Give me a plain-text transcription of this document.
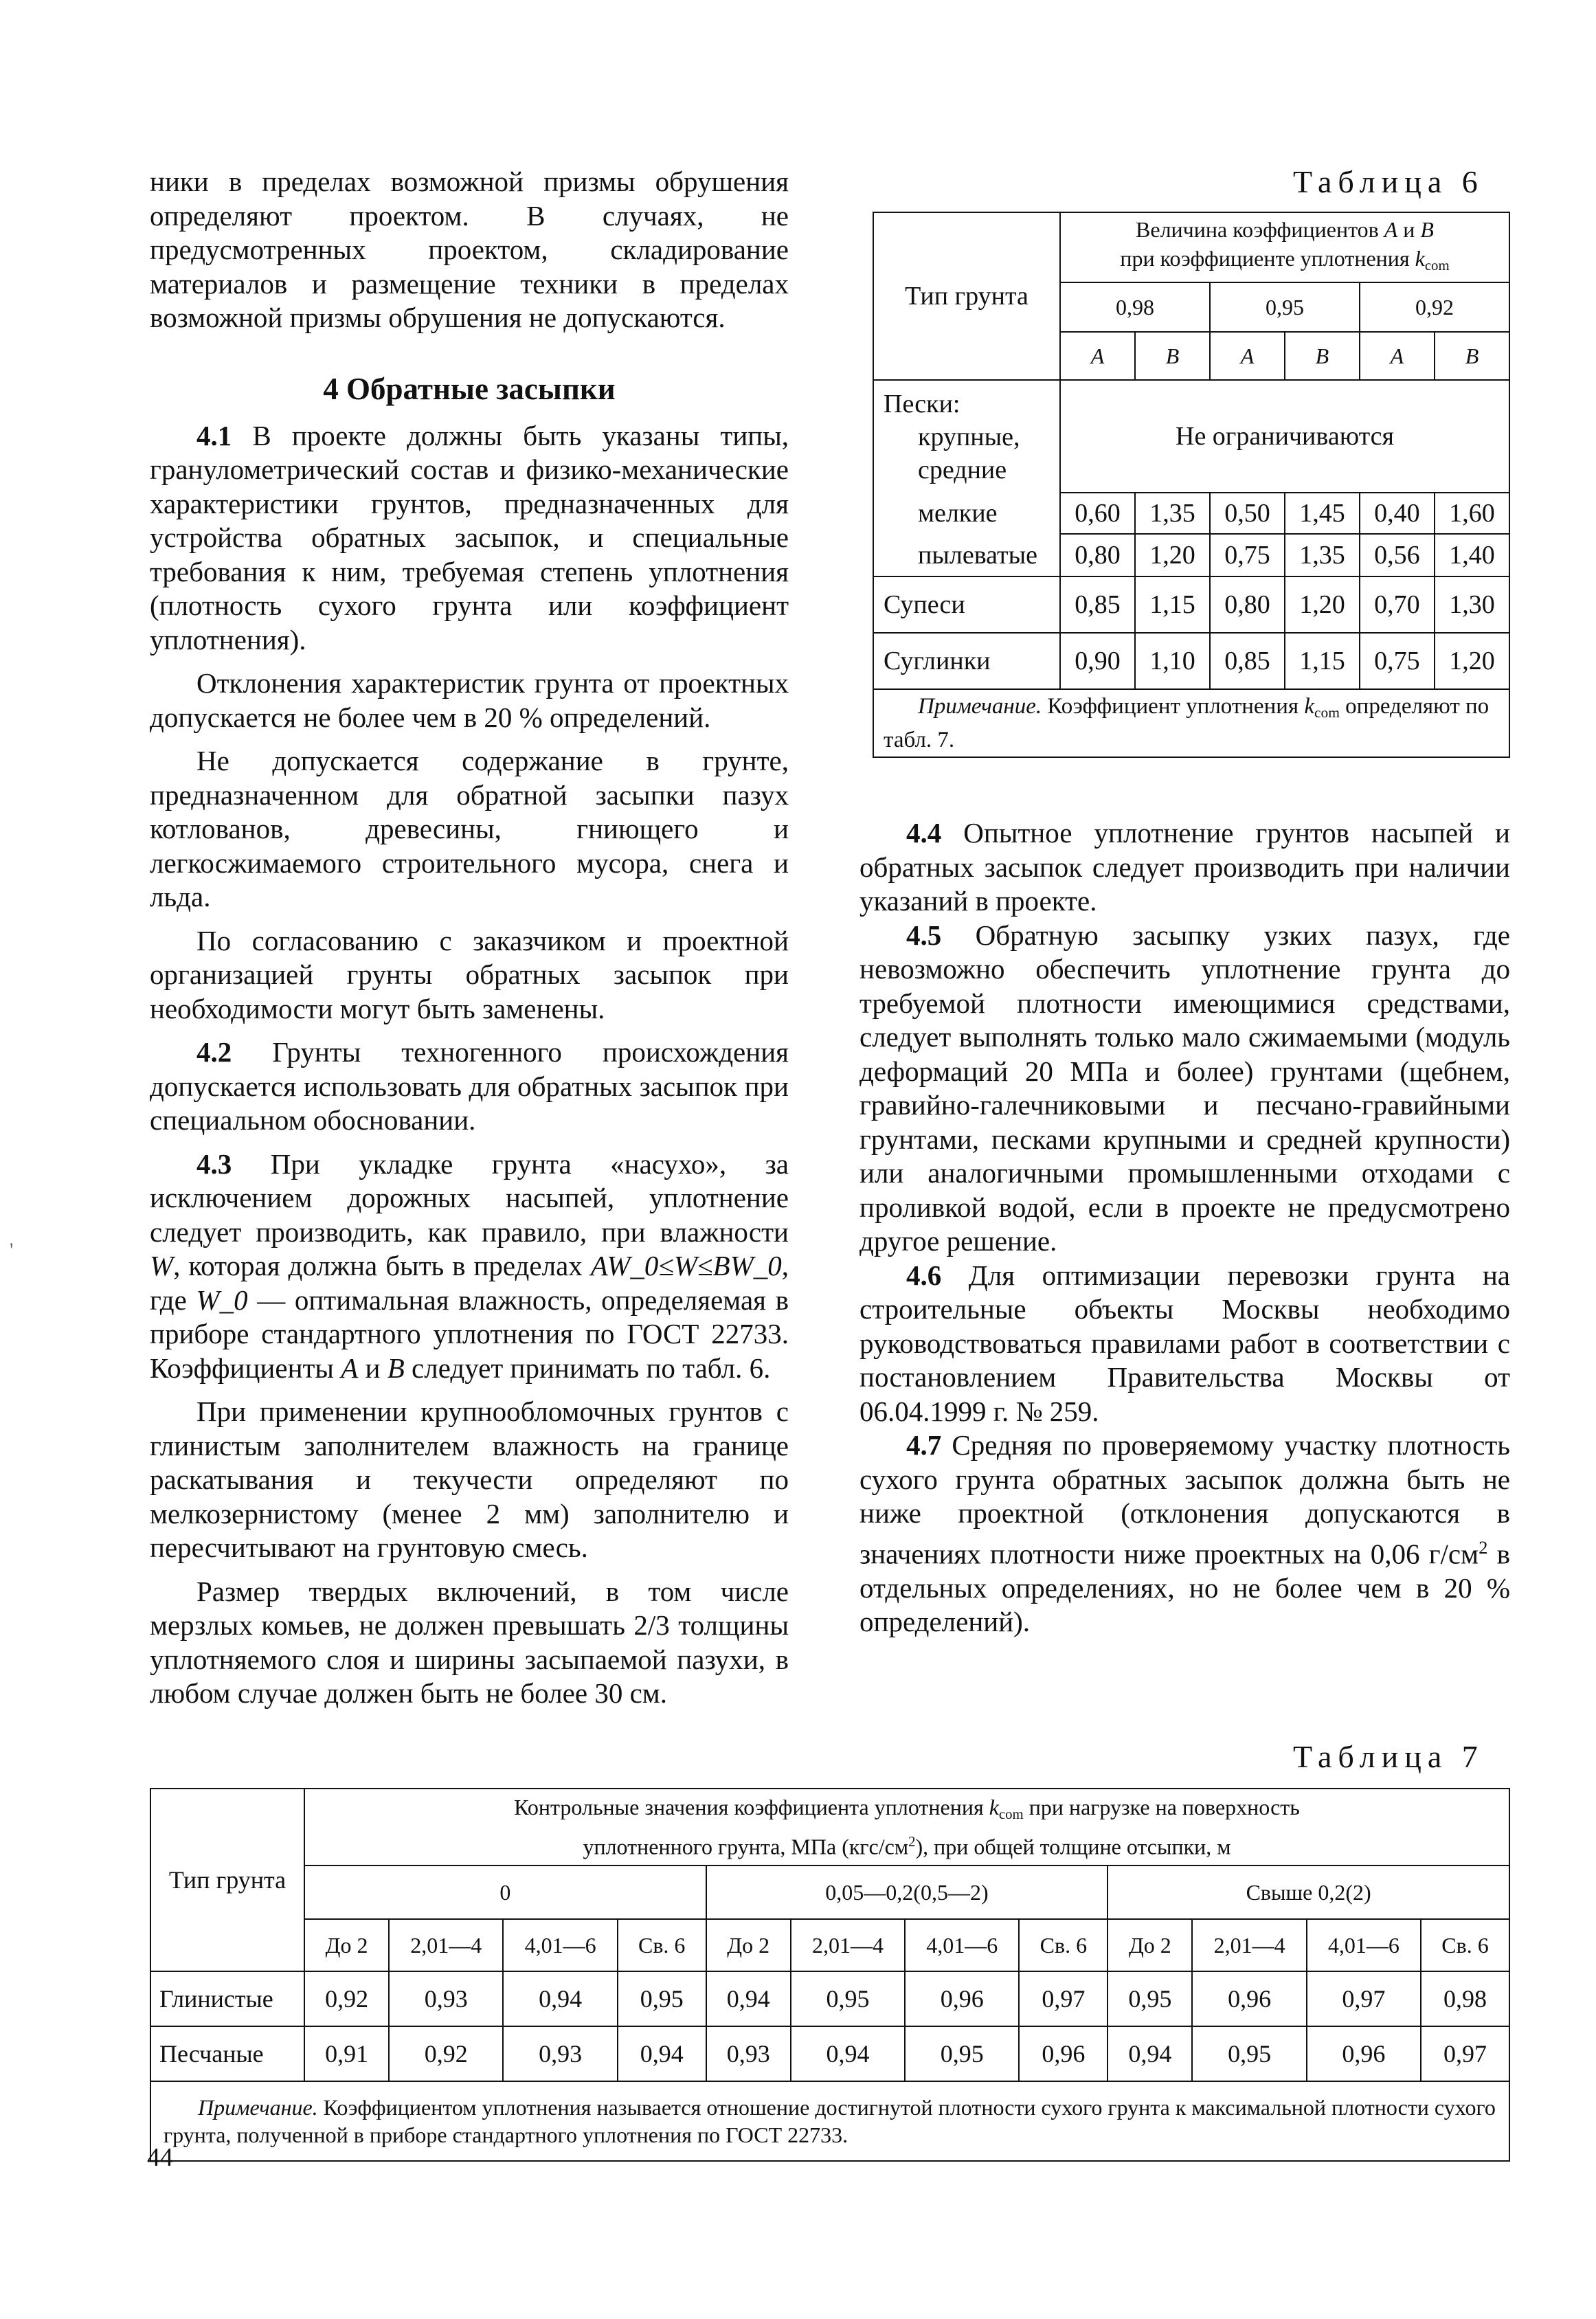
ники в пределах возможной призмы обрушения определяют проектом. В случаях, не предусмотренных проектом, складирование материалов и размещение техники в пределах возможной призмы обрушения не допускаются.

4 Обратные засыпки

4.1 В проекте должны быть указаны типы, гранулометрический состав и физико-механические характеристики грунтов, предназначенных для устройства обратных засыпок, и специальные требования к ним, требуемая степень уплотнения (плотность сухого грунта или коэффициент уплотнения).

Отклонения характеристик грунта от проектных допускается не более чем в 20 % определений.

Не допускается содержание в грунте, предназначенном для обратной засыпки пазух котлованов, древесины, гниющего и легкосжимаемого строительного мусора, снега и льда.

По согласованию с заказчиком и проектной организацией грунты обратных засыпок при необходимости могут быть заменены.

4.2 Грунты техногенного происхождения допускается использовать для обратных засыпок при специальном обосновании.

4.3 При укладке грунта «насухо», за исключением дорожных насыпей, уплотнение следует производить, как правило, при влажности W, которая должна быть в пределах AW_0≤W≤BW_0, где W_0 — оптимальная влажность, определяемая в приборе стандартного уплотнения по ГОСТ 22733. Коэффициенты A и B следует принимать по табл. 6.

При применении крупнообломочных грунтов с глинистым заполнителем влажность на границе раскатывания и текучести определяют по мелкозернистому (менее 2 мм) заполнителю и пересчитывают на грунтовую смесь.

Размер твердых включений, в том числе мерзлых комьев, не должен превышать 2/3 толщины уплотняемого слоя и ширины засыпаемой пазухи, в любом случае должен быть не более 30 см.

4.4 Опытное уплотнение грунтов насыпей и обратных засыпок следует производить при наличии указаний в проекте.

4.5 Обратную засыпку узких пазух, где невозможно обеспечить уплотнение грунта до требуемой плотности имеющимися средствами, следует выполнять только мало сжимаемыми (модуль деформаций 20 МПа и более) грунтами (щебнем, гравийно-галечниковыми и песчано-гравийными грунтами, песками крупными и средней крупности) или аналогичными промышленными отходами с проливкой водой, если в проекте не предусмотрено другое решение.

4.6 Для оптимизации перевозки грунта на строительные объекты Москвы необходимо руководствоваться правилами работ в соответствии с постановлением Правительства Москвы от 06.04.1999 г. № 259.

4.7 Средняя по проверяемому участку плотность сухого грунта обратных засыпок должна быть не ниже проектной (отклонения допускаются в значениях плотности ниже проектных на 0,06 $г/см^2$ в отдельных определениях, но не более чем в 20 % определений).

Таблица 6
Тип грунта	Величина коэффициентов A и B
при коэффициенте уплотнения $k_{com}$
	0,98		0,95		0,92	
	A	B	A	B	A	B
Пески:
крупные,
средние	Не ограничиваются					
мелкие	0,60	1,35	0,50	1,45	0,40	1,60
пылеватые	0,80	1,20	0,75	1,35	0,56	1,40
Супеси	0,85	1,15	0,80	1,20	0,70	1,30
Суглинки	0,90	1,10	0,85	1,15	0,75	1,20
Примечание. Коэффициент уплотнения $k_{com}$ определяют по табл. 7.						
Таблица 7
Тип грунта	Контрольные значения коэффициента уплотнения $k_{com}$ при нагрузке на поверхность
уплотненного грунта, МПа $(кгс/см^2)$, при общей толщине отсыпки, м											
	0				0,05—0,2(0,5—2)				Свыше 0,2(2)			
	До 2	2,01—4	4,01—6	Св. 6	До 2	2,01—4	4,01—6	Св. 6	До 2	2,01—4	4,01—6	Св. 6
Глинистые	0,92	0,93	0,94	0,95	0,94	0,95	0,96	0,97	0,95	0,96	0,97	0,98
Песчаные	0,91	0,92	0,93	0,94	0,93	0,94	0,95	0,96	0,94	0,95	0,96	0,97
Примечание. Коэффициентом уплотнения называется отношение достигнутой плотности сухого грунта к максимальной плотности сухого грунта, полученной в приборе стандартного уплотнения по ГОСТ 22733.												
'
44
